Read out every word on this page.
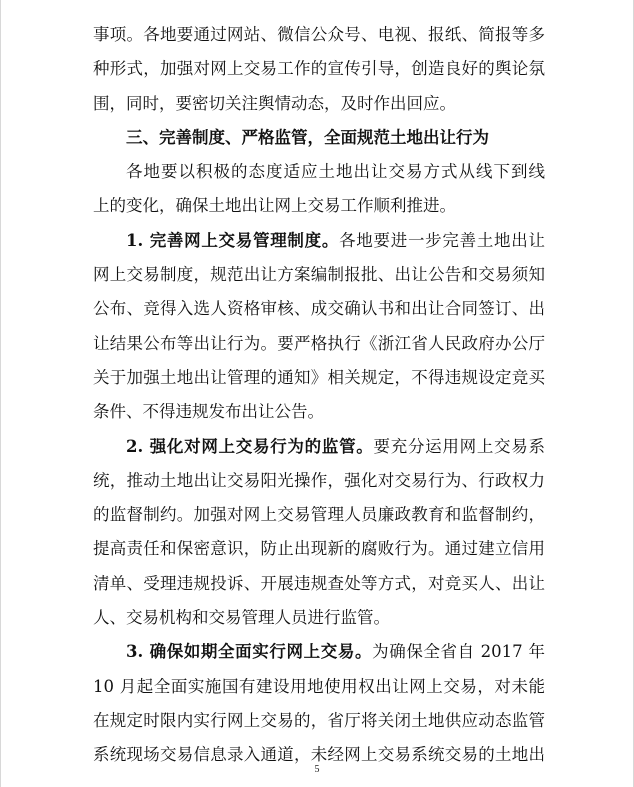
事项。各地要通过网站、微信公众号、电视、报纸、简报等多
种形式，加强对网上交易工作的宣传引导，创造良好的舆论氛
围，同时，要密切关注舆情动态，及时作出回应。
三、完善制度、严格监管，全面规范土地出让行为
各地要以积极的态度适应土地出让交易方式从线下到线
上的变化，确保土地出让网上交易工作顺利推进。
1. 完善网上交易管理制度。各地要进一步完善土地出让
网上交易制度，规范出让方案编制报批、出让公告和交易须知
公布、竞得入选人资格审核、成交确认书和出让合同签订、出
让结果公布等出让行为。要严格执行《浙江省人民政府办公厅
关于加强土地出让管理的通知》相关规定，不得违规设定竞买
条件、不得违规发布出让公告。
2. 强化对网上交易行为的监管。要充分运用网上交易系
统，推动土地出让交易阳光操作，强化对交易行为、行政权力
的监督制约。加强对网上交易管理人员廉政教育和监督制约，
提高责任和保密意识，防止出现新的腐败行为。通过建立信用
清单、受理违规投诉、开展违规查处等方式，对竞买人、出让
人、交易机构和交易管理人员进行监管。
3. 确保如期全面实行网上交易。为确保全省自 2017 年
10 月起全面实施国有建设用地使用权出让网上交易，对未能
在规定时限内实行网上交易的，省厅将关闭土地供应动态监管
系统现场交易信息录入通道，未经网上交易系统交易的土地出
5
